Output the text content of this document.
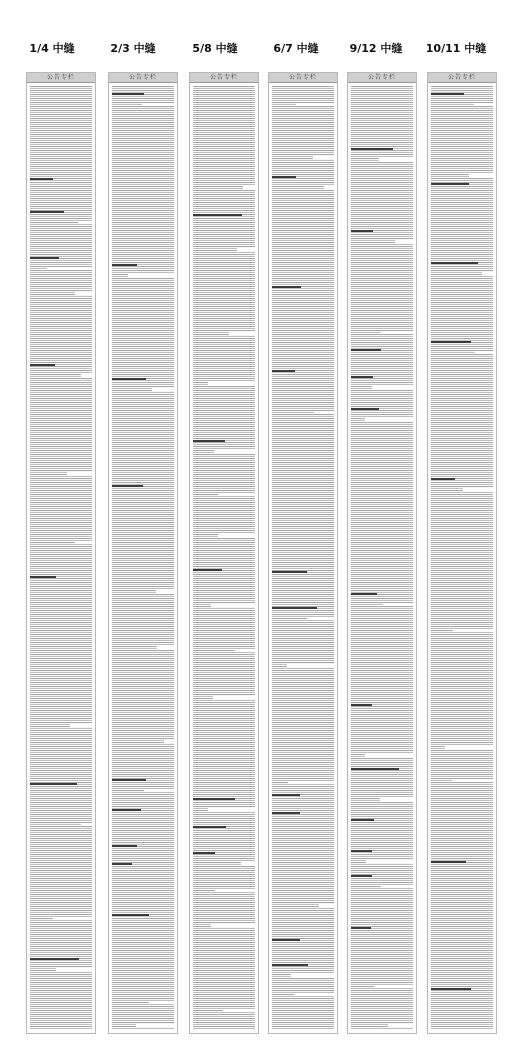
1/4 中缝	2/3 中缝	5/8 中缝	6/7 中缝	9/12 中缝	10/11 中缝
公告专栏	公告专栏	公告专栏	公告专栏	公告专栏	公告专栏
